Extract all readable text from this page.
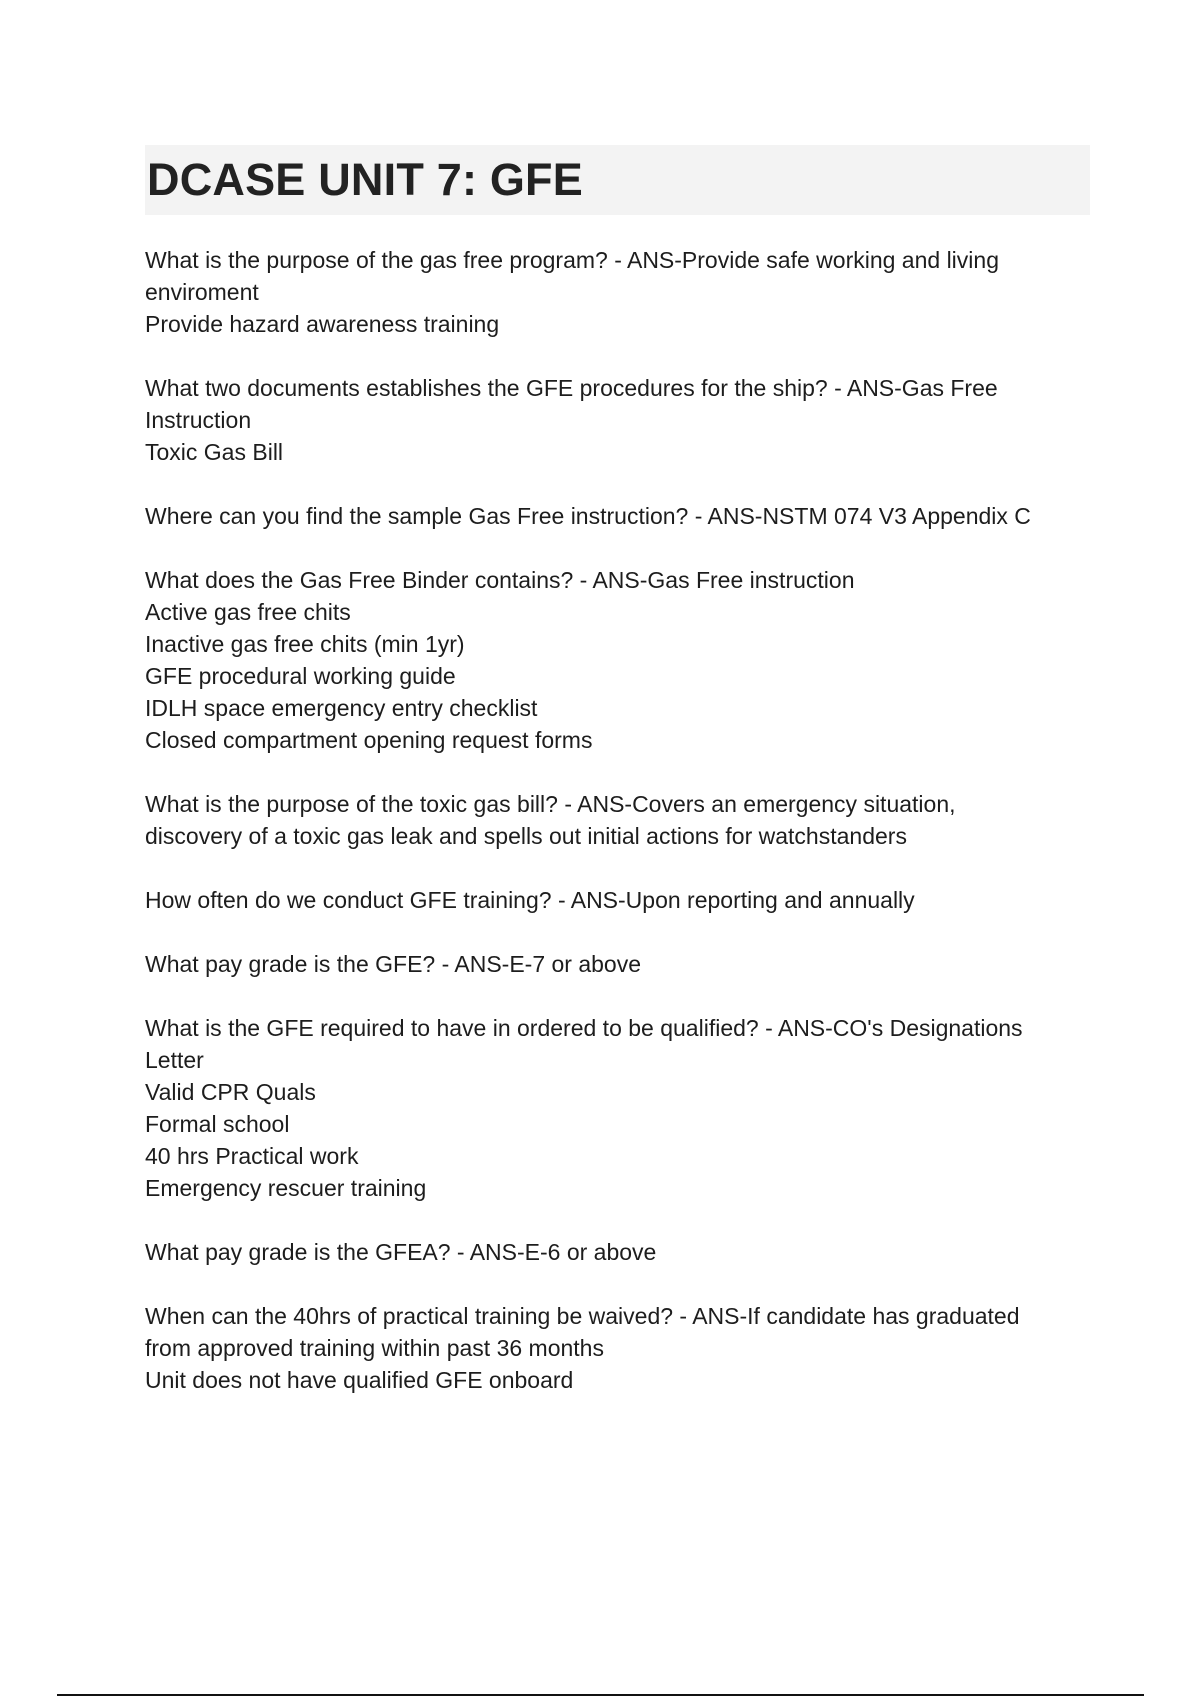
DCASE UNIT 7: GFE
What is the purpose of the gas free program? - ANS-Provide safe working and living
enviroment
Provide hazard awareness training
What two documents establishes the GFE procedures for the ship? - ANS-Gas Free
Instruction
Toxic Gas Bill
Where can you find the sample Gas Free instruction? - ANS-NSTM 074 V3 Appendix C
What does the Gas Free Binder contains? - ANS-Gas Free instruction
Active gas free chits
Inactive gas free chits (min 1yr)
GFE procedural working guide
IDLH space emergency entry checklist
Closed compartment opening request forms
What is the purpose of the toxic gas bill? - ANS-Covers an emergency situation,
discovery of a toxic gas leak and spells out initial actions for watchstanders
How often do we conduct GFE training? - ANS-Upon reporting and annually
What pay grade is the GFE? - ANS-E-7 or above
What is the GFE required to have in ordered to be qualified? - ANS-CO's Designations
Letter
Valid CPR Quals
Formal school
40 hrs Practical work
Emergency rescuer training
What pay grade is the GFEA? - ANS-E-6 or above
When can the 40hrs of practical training be waived? - ANS-If candidate has graduated
from approved training within past 36 months
Unit does not have qualified GFE onboard
